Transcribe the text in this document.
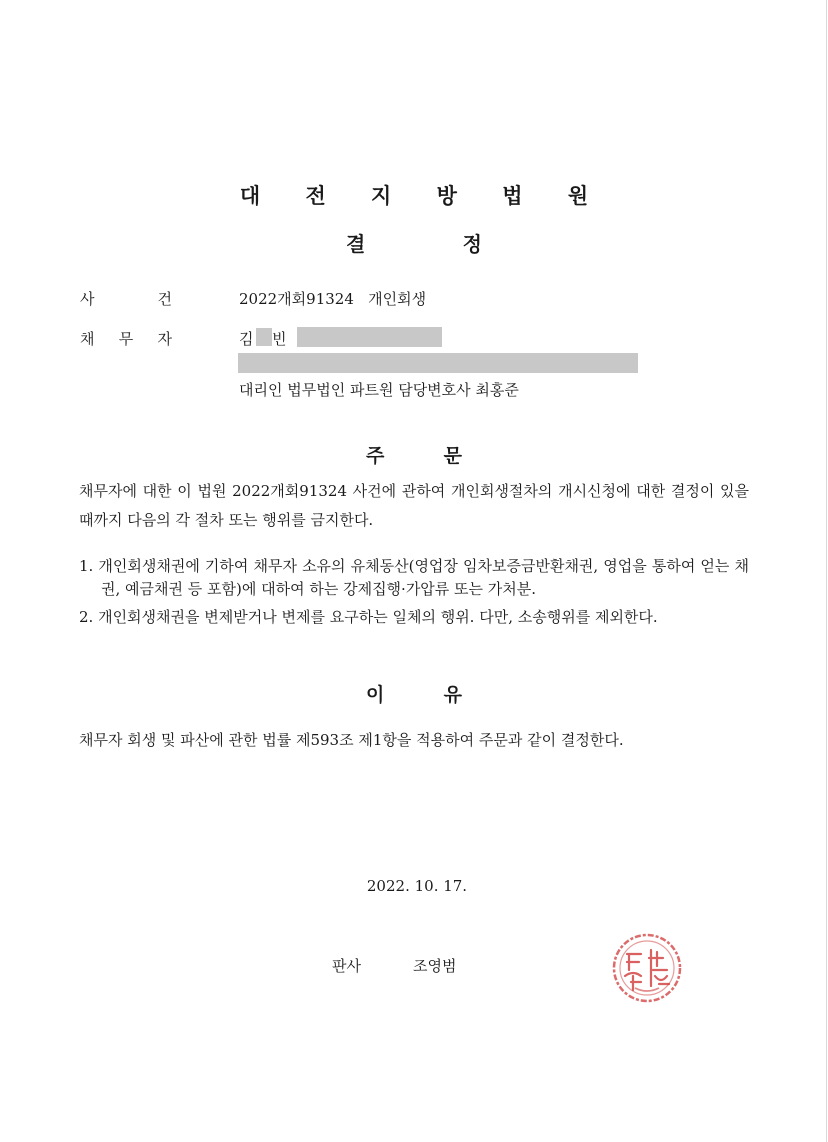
대 전 지 방 법 원
결	정
사	건	2022개회91324   개인회생
채 무 자	김 빈
대리인 법무법인 파트원 담당변호사 최홍준
주	문
채무자에 대한 이 법원 2022개회91324 사건에 관하여 개인회생절차의 개시신청에 대한 결정이 있을 때까지 다음의 각 절차 또는 행위를 금지한다.
1. 개인회생채권에 기하여 채무자 소유의 유체동산(영업장 임차보증금반환채권, 영업을 통하여 얻는 채권, 예금채권 등 포함)에 대하여 하는 강제집행·가압류 또는 가처분.
2. 개인회생채권을 변제받거나 변제를 요구하는 일체의 행위. 다만, 소송행위를 제외한다.
이	유
채무자 회생 및 파산에 관한 법률 제593조 제1항을 적용하여 주문과 같이 결정한다.
2022. 10. 17.
판사	조영범
